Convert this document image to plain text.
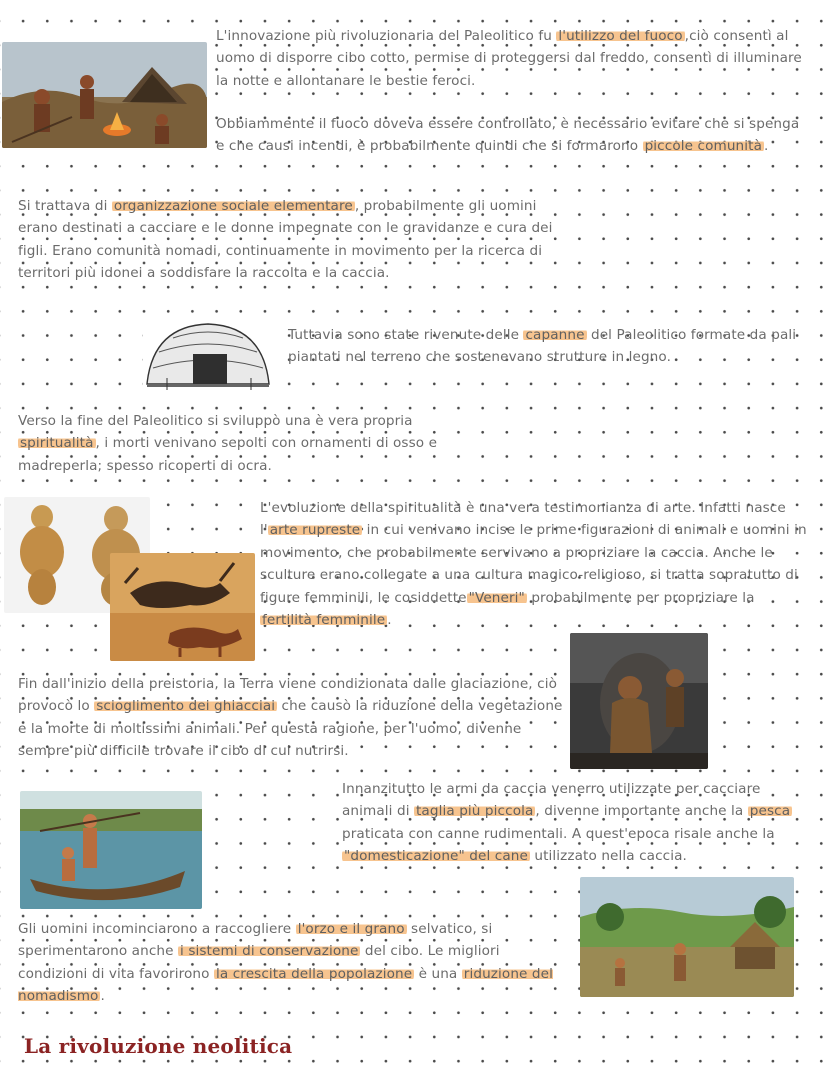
L'innovazione più rivoluzionaria del Paleolitico fu l'utilizzo del fuoco ,ciò consentì al uomo di disporre cibo cotto, permise di proteggersi dal freddo, consentì di illuminare la notte e allontanare le bestie feroci.
Obbiammente il fuoco doveva essere controllato, è necessario evitare che si spenga e che causi incendi, è probabilmente quindi che si formarono piccole comunità .
Si trattava di organizzazione sociale elementare , probabilmente gli uomini erano destinati a cacciare e le donne impegnate con le gravidanze e cura dei figli. Erano comunità nomadi, continuamente in movimento per la ricerca di territori più idonei a soddisfare la raccolta e la caccia.
Tuttavia sono state rivenute delle capanne del Paleolitico formate da pali piantati nel terreno che sostenevano strutture in legno.
Verso la fine del Paleolitico si sviluppò una è vera propria spiritualità , i morti venivano sepolti con ornamenti di osso e madreperla; spesso ricoperti di ocra.
L'evoluzione della spiritualità è una vera testimonianza di arte. Infatti nasce l' arte rupreste in cui venivano incise le prime figurazioni di animali e uomini in movimento, che probabilmente servivano a propriziare la caccia. Anche le sculture erano collegate a una cultura magico-religioso, si tratta sopratutto di figure femminili, le cosiddette "Veneri" probabilmente per propriziare la fertilità femminile .
Fin dall'inizio della preistoria, la Terra viene condizionata dalle glaciazione, ciò provocò lo scioglimento dei ghiacciai che causò la riduzione della vegetazione e la morte di moltissimi animali. Per questa ragione, per l'uomo, divenne sempre più difficile trovare il cibo di cui nutrirsi.
Innanzitutto le armi da caccia venerro utilizzate per cacciare animali di taglia più piccola , divenne importante anche la pesca praticata con canne rudimentali. A quest'epoca risale anche la "domesticazione" del cane utilizzato nella caccia.
Gli uomini incominciarono a raccogliere l'orzo e il grano selvatico, si sperimentarono anche i sistemi di conservazione del cibo. Le migliori condizioni di vita favorirono la crescita della popolazione è una riduzione del nomadismo .
La rivoluzione neolitica
